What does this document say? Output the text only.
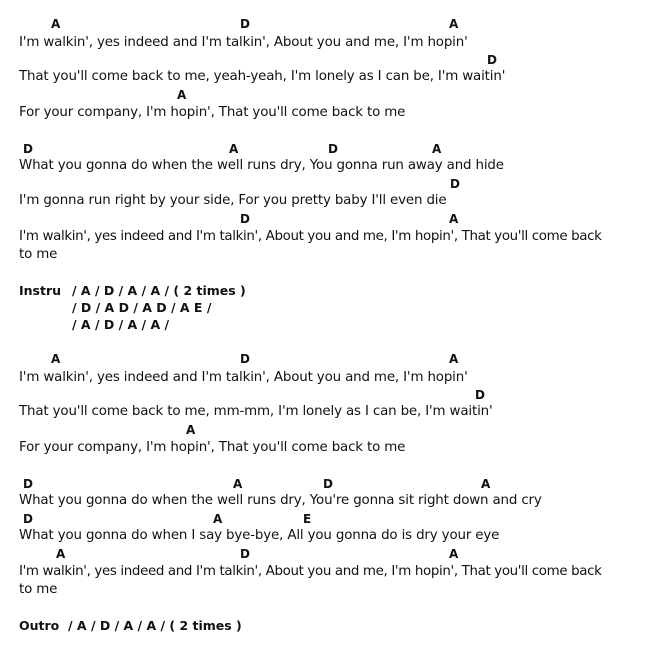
A	D	A
I'm walkin', yes indeed and I'm talkin', About you and me, I'm hopin'
D
That you'll come back to me, yeah-yeah, I'm lonely as I can be, I'm waitin'
A
For your company, I'm hopin', That you'll come back to me
D	A	D	A
What you gonna do when the well runs dry, You gonna run away and hide
D
I'm gonna run right by your side, For you pretty baby I'll even die
D	A
I'm walkin', yes indeed and I'm talkin', About you and me, I'm hopin', That you'll come back
to me
Instru / A / D / A / A / ( 2 times )
/ D / A D / A D / A E /
/ A / D / A / A /
A	D	A
I'm walkin', yes indeed and I'm talkin', About you and me, I'm hopin'
D
That you'll come back to me, mm-mm, I'm lonely as I can be, I'm waitin'
A
For your company, I'm hopin', That you'll come back to me
D	A	D	A
What you gonna do when the well runs dry, You're gonna sit right down and cry
D	A	E
What you gonna do when I say bye-bye, All you gonna do is dry your eye
A	D	A
I'm walkin', yes indeed and I'm talkin', About you and me, I'm hopin', That you'll come back
to me
Outro / A / D / A / A / ( 2 times )
